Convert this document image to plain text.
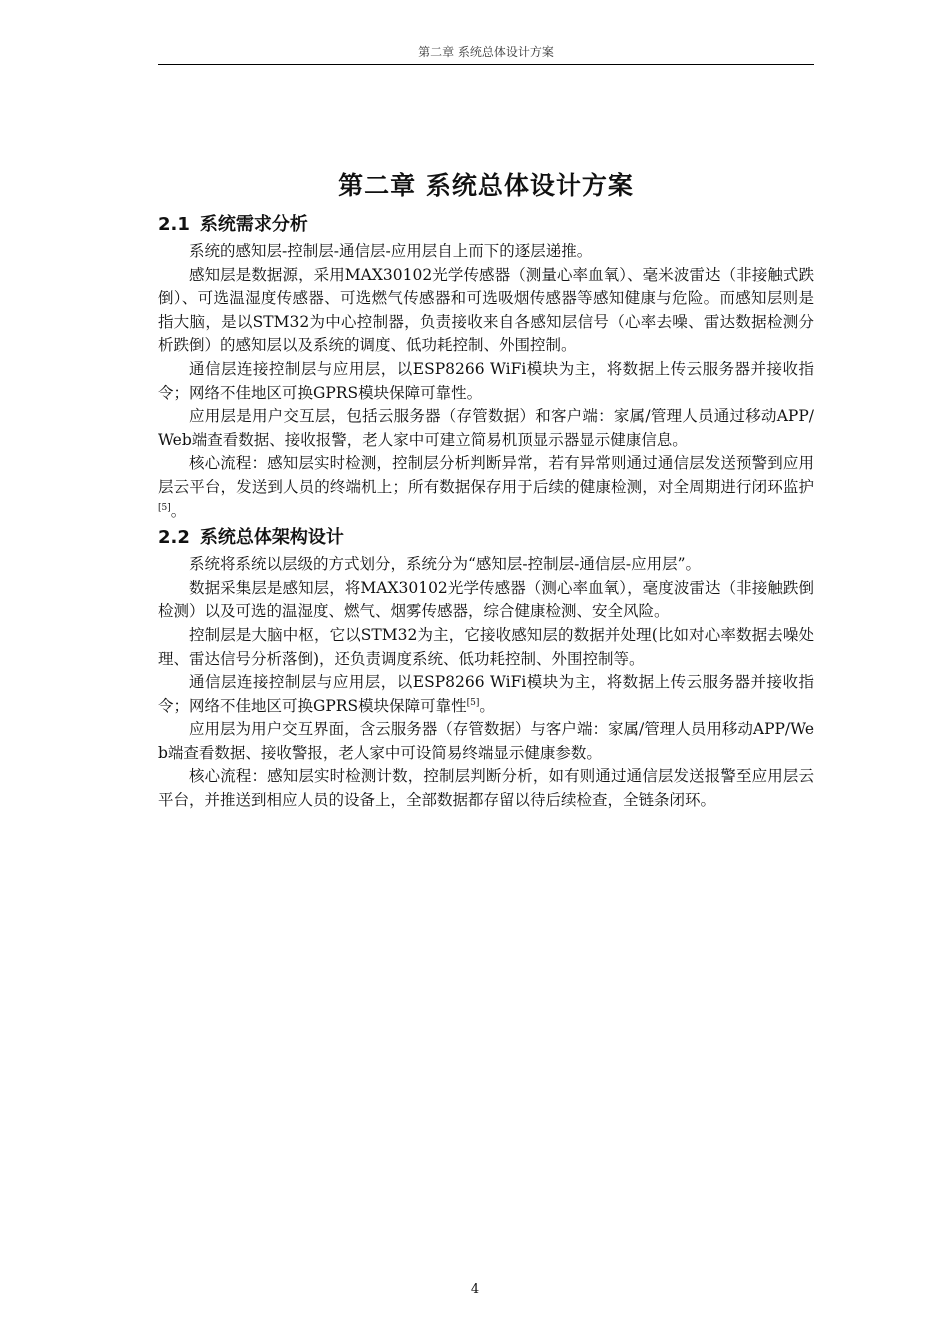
第二章 系统总体设计方案
第二章 系统总体设计方案
2.1 系统需求分析

系统的感知层-控制层-通信层-应用层自上而下的逐层递推。

感知层是数据源，采用MAX30102光学传感器（测量心率血氧）、毫米波雷达（非接触式跌倒）、可选温湿度传感器、可选燃气传感器和可选吸烟传感器等感知健康与危险。而感知层则是指大脑，是以STM32为中心控制器，负责接收来自各感知层信号（心率去噪、雷达数据检测分析跌倒）的感知层以及系统的调度、低功耗控制、外围控制。

通信层连接控制层与应用层，以ESP8266 WiFi模块为主，将数据上传云服务器并接收指令；网络不佳地区可换GPRS模块保障可靠性。

应用层是用户交互层，包括云服务器（存管数据）和客户端：家属/管理人员通过移动APP/Web端查看数据、接收报警，老人家中可建立简易机顶显示器显示健康信息。

核心流程：感知层实时检测，控制层分析判断异常，若有异常则通过通信层发送预警到应用层云平台，发送到人员的终端机上；所有数据保存用于后续的健康检测，对全周期进行闭环监护[5]。

2.2 系统总体架构设计

系统将系统以层级的方式划分，系统分为“感知层-控制层-通信层-应用层”。

数据采集层是感知层，将MAX30102光学传感器（测心率血氧），毫度波雷达（非接触跌倒检测）以及可选的温湿度、燃气、烟雾传感器，综合健康检测、安全风险。

控制层是大脑中枢，它以STM32为主，它接收感知层的数据并处理(比如对心率数据去噪处理、雷达信号分析落倒)，还负责调度系统、低功耗控制、外围控制等。

通信层连接控制层与应用层，以ESP8266 WiFi模块为主，将数据上传云服务器并接收指令；网络不佳地区可换GPRS模块保障可靠性[5]。

应用层为用户交互界面，含云服务器（存管数据）与客户端：家属/管理人员用移动APP/Web端查看数据、接收警报，老人家中可设简易终端显示健康参数。

核心流程：感知层实时检测计数，控制层判断分析，如有则通过通信层发送报警至应用层云平台，并推送到相应人员的设备上，全部数据都存留以待后续检查，全链条闭环。

4
